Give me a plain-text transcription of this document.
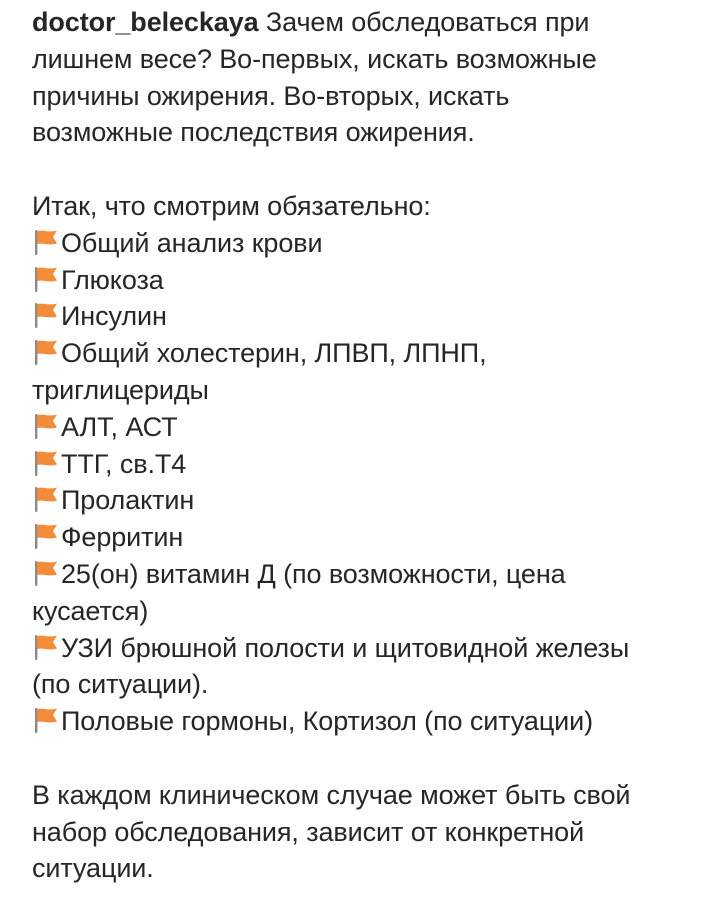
doctor_beleckaya Зачем обследоваться при
лишнем весе? Во-первых, искать возможные
причины ожирения. Во-вторых, искать
возможные последствия ожирения.
Итак, что смотрим обязательно:
Общий анализ крови
Глюкоза
Инсулин
Общий холестерин, ЛПВП, ЛПНП,
триглицериды
АЛТ, АСТ
ТТГ, св.Т4
Пролактин
Ферритин
25(он) витамин Д (по возможности, цена
кусается)
УЗИ брюшной полости и щитовидной железы
(по ситуации).
Половые гормоны, Кортизол (по ситуации)
В каждом клиническом случае может быть свой
набор обследования, зависит от конкретной
ситуации.
